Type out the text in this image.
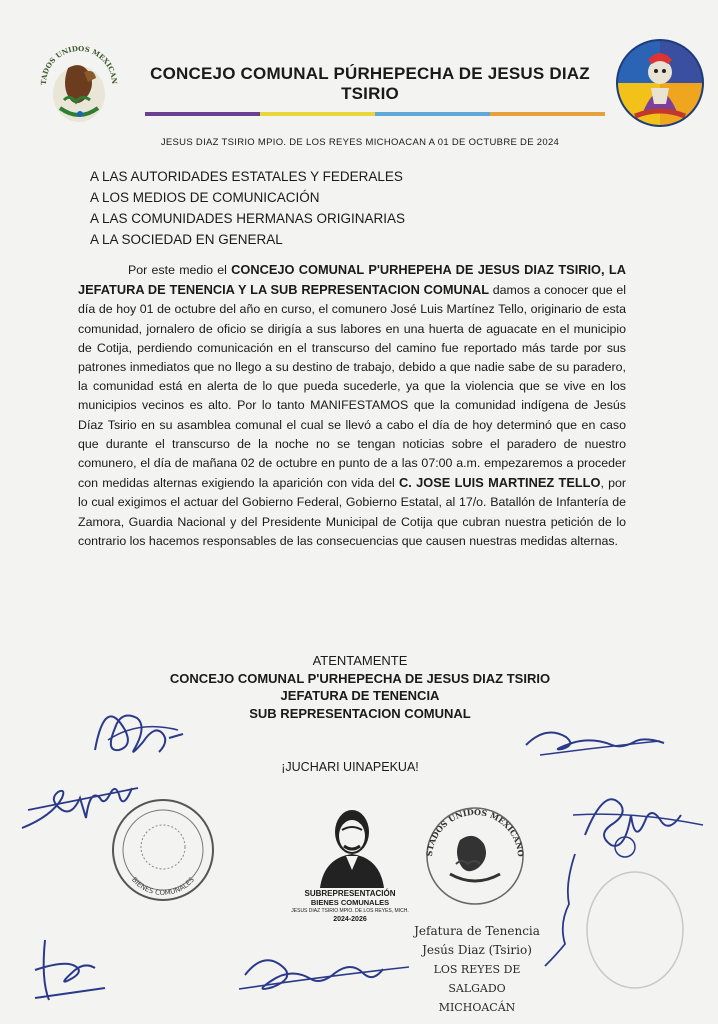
ESTADOS UNIDOS MEXICANOS
CONCEJO COMUNAL PÚRHEPECHA DE JESUS DIAZ TSIRIO
JESUS DIAZ TSIRIO MPIO. DE LOS REYES MICHOACAN A 01 DE OCTUBRE DE 2024
A LAS AUTORIDADES ESTATALES Y FEDERALES
A LOS MEDIOS DE COMUNICACIÓN
A LAS COMUNIDADES HERMANAS ORIGINARIAS
A LA SOCIEDAD EN GENERAL
Por este medio el CONCEJO COMUNAL P'URHEPEHA DE JESUS DIAZ TSIRIO, LA JEFATURA DE TENENCIA Y LA SUB REPRESENTACION COMUNAL damos a conocer que el día de hoy 01 de octubre del año en curso, el comunero José Luis Martínez Tello, originario de esta comunidad, jornalero de oficio se dirigía a sus labores en una huerta de aguacate en el municipio de Cotija, perdiendo comunicación en el transcurso del camino fue reportado más tarde por sus patrones inmediatos que no llego a su destino de trabajo, debido a que nadie sabe de su paradero, la comunidad está en alerta de lo que pueda sucederle, ya que la violencia que se vive en los municipios vecinos es alto. Por lo tanto MANIFESTAMOS que la comunidad indígena de Jesús Díaz Tsirio en su asamblea comunal el cual se llevó a cabo el día de hoy determinó que en caso que durante el transcurso de la noche no se tengan noticias sobre el paradero de nuestro comunero, el día de mañana 02 de octubre en punto de a las 07:00 a.m. empezaremos a proceder con medidas alternas exigiendo la aparición con vida del C. JOSE LUIS MARTINEZ TELLO, por lo cual exigimos el actuar del Gobierno Federal, Gobierno Estatal, al 17/o. Batallón de Infantería de Zamora, Guardia Nacional y del Presidente Municipal de Cotija que cubran nuestra petición de lo contrario los hacemos responsables de las consecuencias que causen nuestras medidas alternas.
ATENTAMENTE
CONCEJO COMUNAL P'URHEPECHA DE JESUS DIAZ TSIRIO
JEFATURA DE TENENCIA
SUB REPRESENTACION COMUNAL
¡JUCHARI UINAPEKUA!
BIENES COMUNALES
SUBREPRESENTACIÓN
BIENES COMUNALES
JESUS DIAZ TSIRIO MPIO. DE LOS REYES, MICH.
2024-2026
ESTADOS UNIDOS MEXICANOS
Jefatura de Tenencia
Jesús Diaz (Tsirio)
LOS REYES DE SALGADO
MICHOACÁN
